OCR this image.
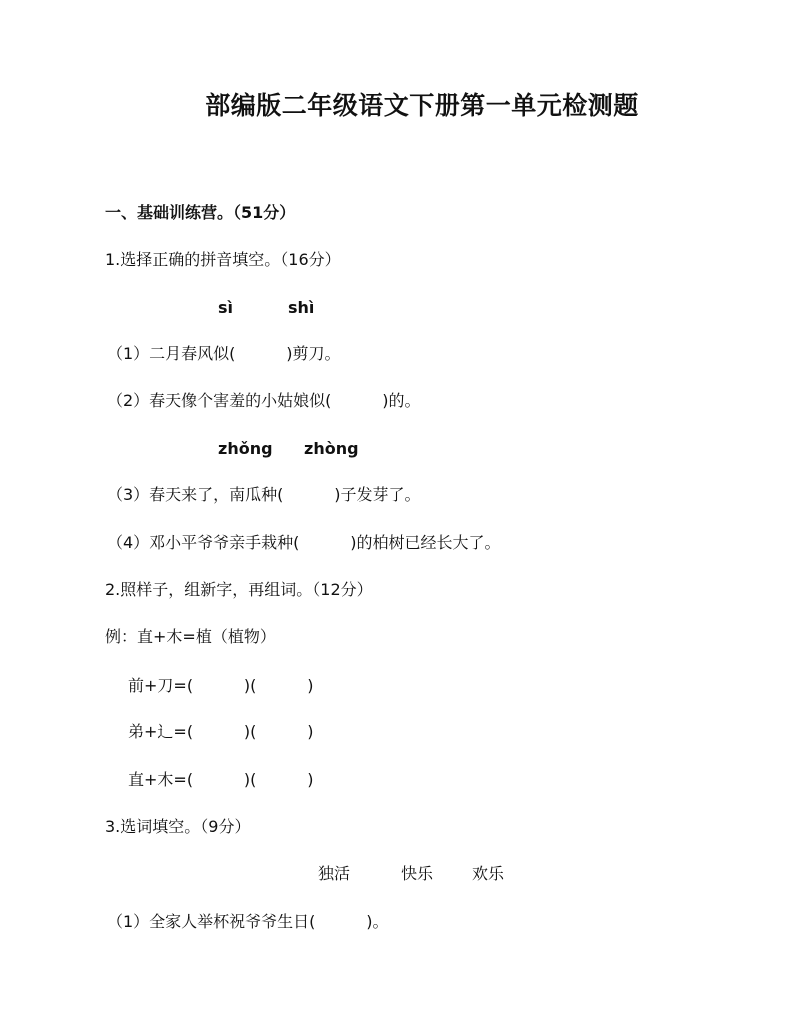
部编版二年级语文下册第一单元检测题
一、基础训练营。（51分）
1.选择正确的拼音填空。（16分）
sì	shì
（1）二月春风似(          )剪刀。
（2）春天像个害羞的小姑娘似(          )的。
zhǒng zhòng
（3）春天来了，南瓜种(          )子发芽了。
（4）邓小平爷爷亲手栽种(          )的柏树已经长大了。
2.照样子，组新字，再组词。（12分）
例：直+木=植（植物）
前+刀=(          )(          )
弟+辶=(          )(          )
直+木=(          )(          )
3.选词填空。（9分）
独活	快乐 欢乐
（1）全家人举杯祝爷爷生日(          )。
